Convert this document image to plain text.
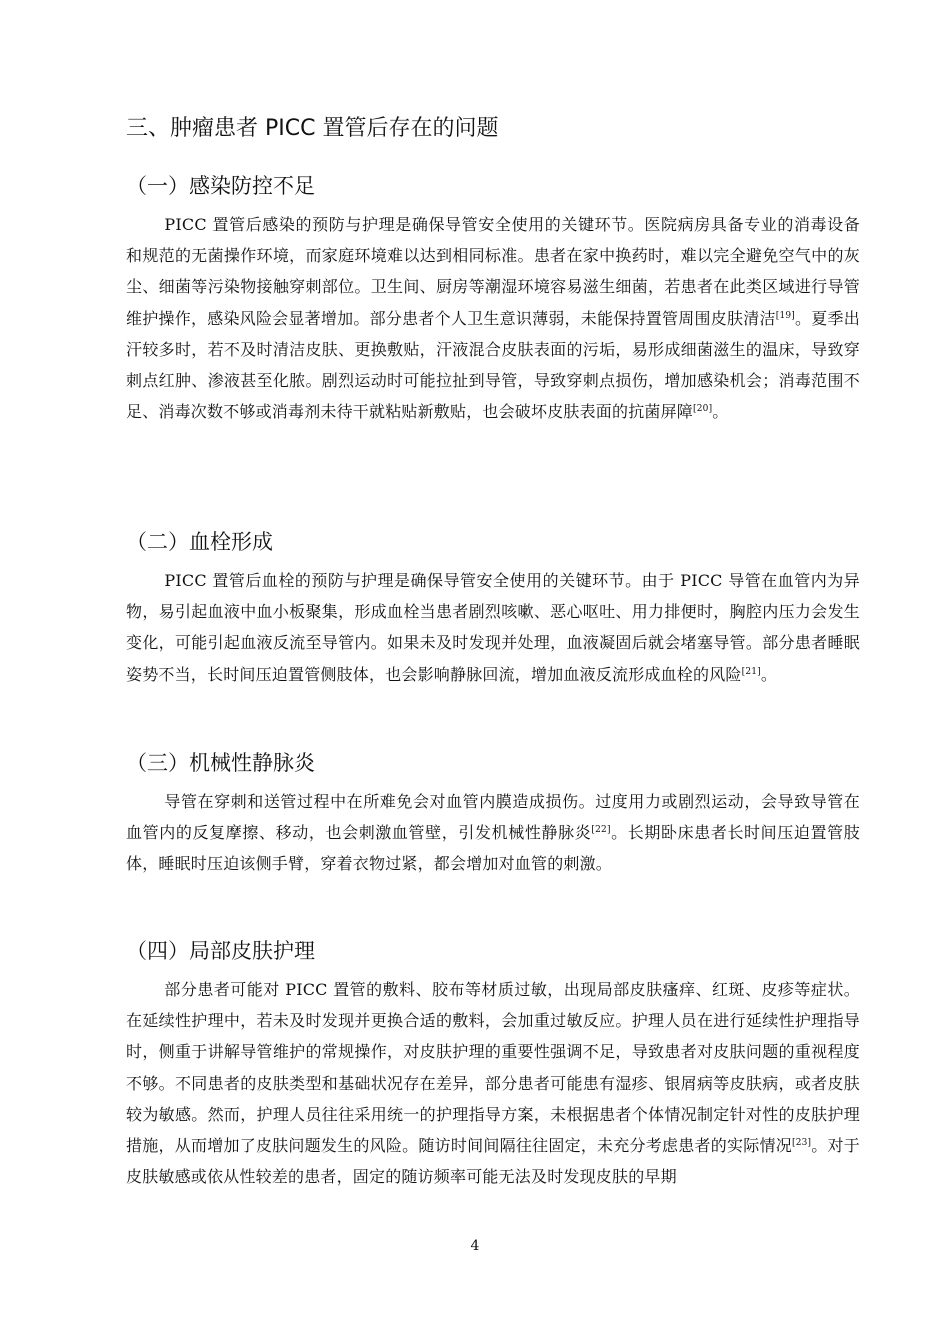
三、肿瘤患者 PICC 置管后存在的问题
（一）感染防控不足

PICC 置管后感染的预防与护理是确保导管安全使用的关键环节。医院病房具备专业的消毒设备和规范的无菌操作环境，而家庭环境难以达到相同标准。患者在家中换药时，难以完全避免空气中的灰尘、细菌等污染物接触穿刺部位。卫生间、厨房等潮湿环境容易滋生细菌，若患者在此类区域进行导管维护操作，感染风险会显著增加。部分患者个人卫生意识薄弱，未能保持置管周围皮肤清洁[19]。夏季出汗较多时，若不及时清洁皮肤、更换敷贴，汗液混合皮肤表面的污垢，易形成细菌滋生的温床，导致穿刺点红肿、渗液甚至化脓。剧烈运动时可能拉扯到导管，导致穿刺点损伤，增加感染机会；消毒范围不足、消毒次数不够或消毒剂未待干就粘贴新敷贴，也会破坏皮肤表面的抗菌屏障[20]。

（二）血栓形成

PICC 置管后血栓的预防与护理是确保导管安全使用的关键环节。由于 PICC 导管在血管内为异物，易引起血液中血小板聚集，形成血栓当患者剧烈咳嗽、恶心呕吐、用力排便时，胸腔内压力会发生变化，可能引起血液反流至导管内。如果未及时发现并处理，血液凝固后就会堵塞导管。部分患者睡眠姿势不当，长时间压迫置管侧肢体，也会影响静脉回流，增加血液反流形成血栓的风险[21]。

（三）机械性静脉炎

导管在穿刺和送管过程中在所难免会对血管内膜造成损伤。过度用力或剧烈运动，会导致导管在血管内的反复摩擦、移动，也会刺激血管壁，引发机械性静脉炎[22]。长期卧床患者长时间压迫置管肢体，睡眠时压迫该侧手臂，穿着衣物过紧，都会增加对血管的刺激。

（四）局部皮肤护理

部分患者可能对 PICC 置管的敷料、胶布等材质过敏，出现局部皮肤瘙痒、红斑、皮疹等症状。在延续性护理中，若未及时发现并更换合适的敷料，会加重过敏反应。护理人员在进行延续性护理指导时，侧重于讲解导管维护的常规操作，对皮肤护理的重要性强调不足，导致患者对皮肤问题的重视程度不够。不同患者的皮肤类型和基础状况存在差异，部分患者可能患有湿疹、银屑病等皮肤病，或者皮肤较为敏感。然而，护理人员往往采用统一的护理指导方案，未根据患者个体情况制定针对性的皮肤护理措施，从而增加了皮肤问题发生的风险。随访时间间隔往往固定，未充分考虑患者的实际情况[23]。对于皮肤敏感或依从性较差的患者，固定的随访频率可能无法及时发现皮肤的早期

4
